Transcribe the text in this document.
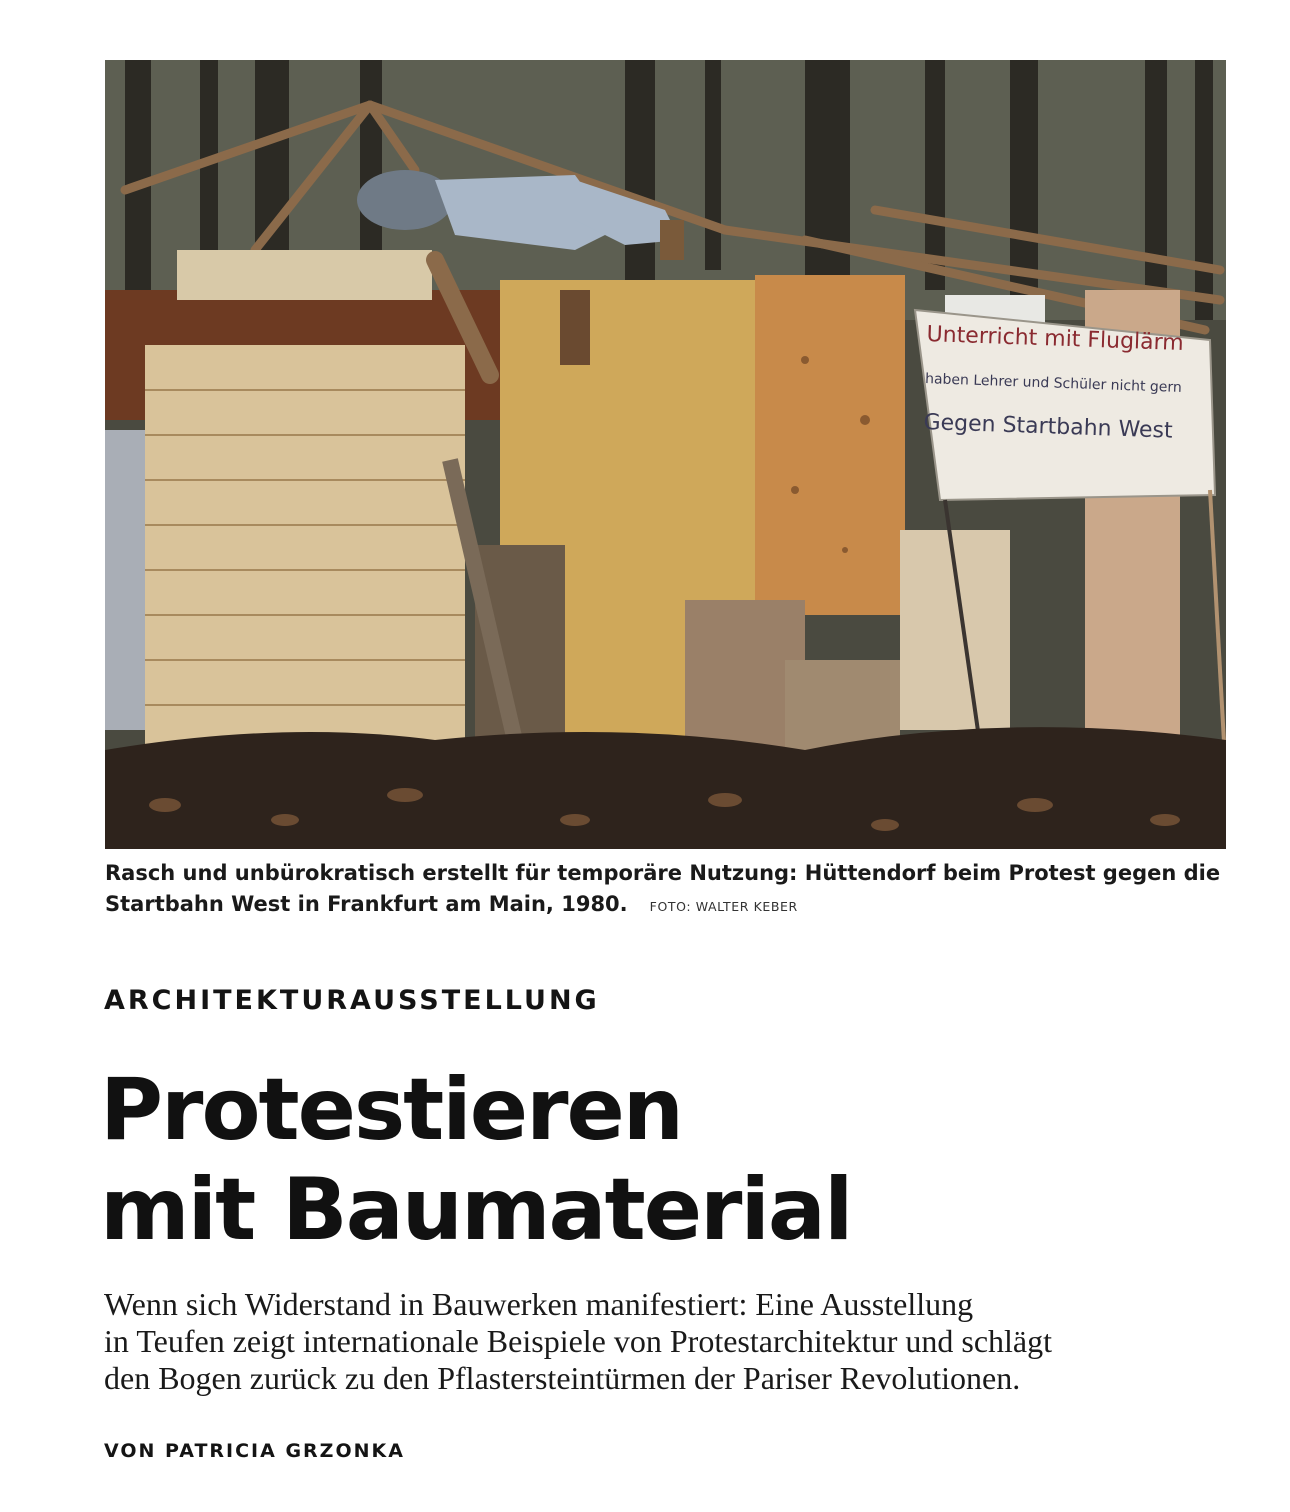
Unterricht mit Fluglärm
haben Lehrer und Schüler nicht gern
Gegen Startbahn West
Rasch und unbürokratisch erstellt für temporäre Nutzung: Hüttendorf beim Protest gegen die Startbahn West in Frankfurt am Main, 1980. FOTO: WALTER KEBER
ARCHITEKTURAUSSTELLUNG
Protestieren
mit Baumaterial

Wenn sich Widerstand in Bauwerken manifestiert: Eine Ausstellung
in Teufen zeigt internationale Beispiele von Protestarchitektur und schlägt
den Bogen zurück zu den Pflastersteintürmen der Pariser Revolutionen.

VON PATRICIA GRZONKA
